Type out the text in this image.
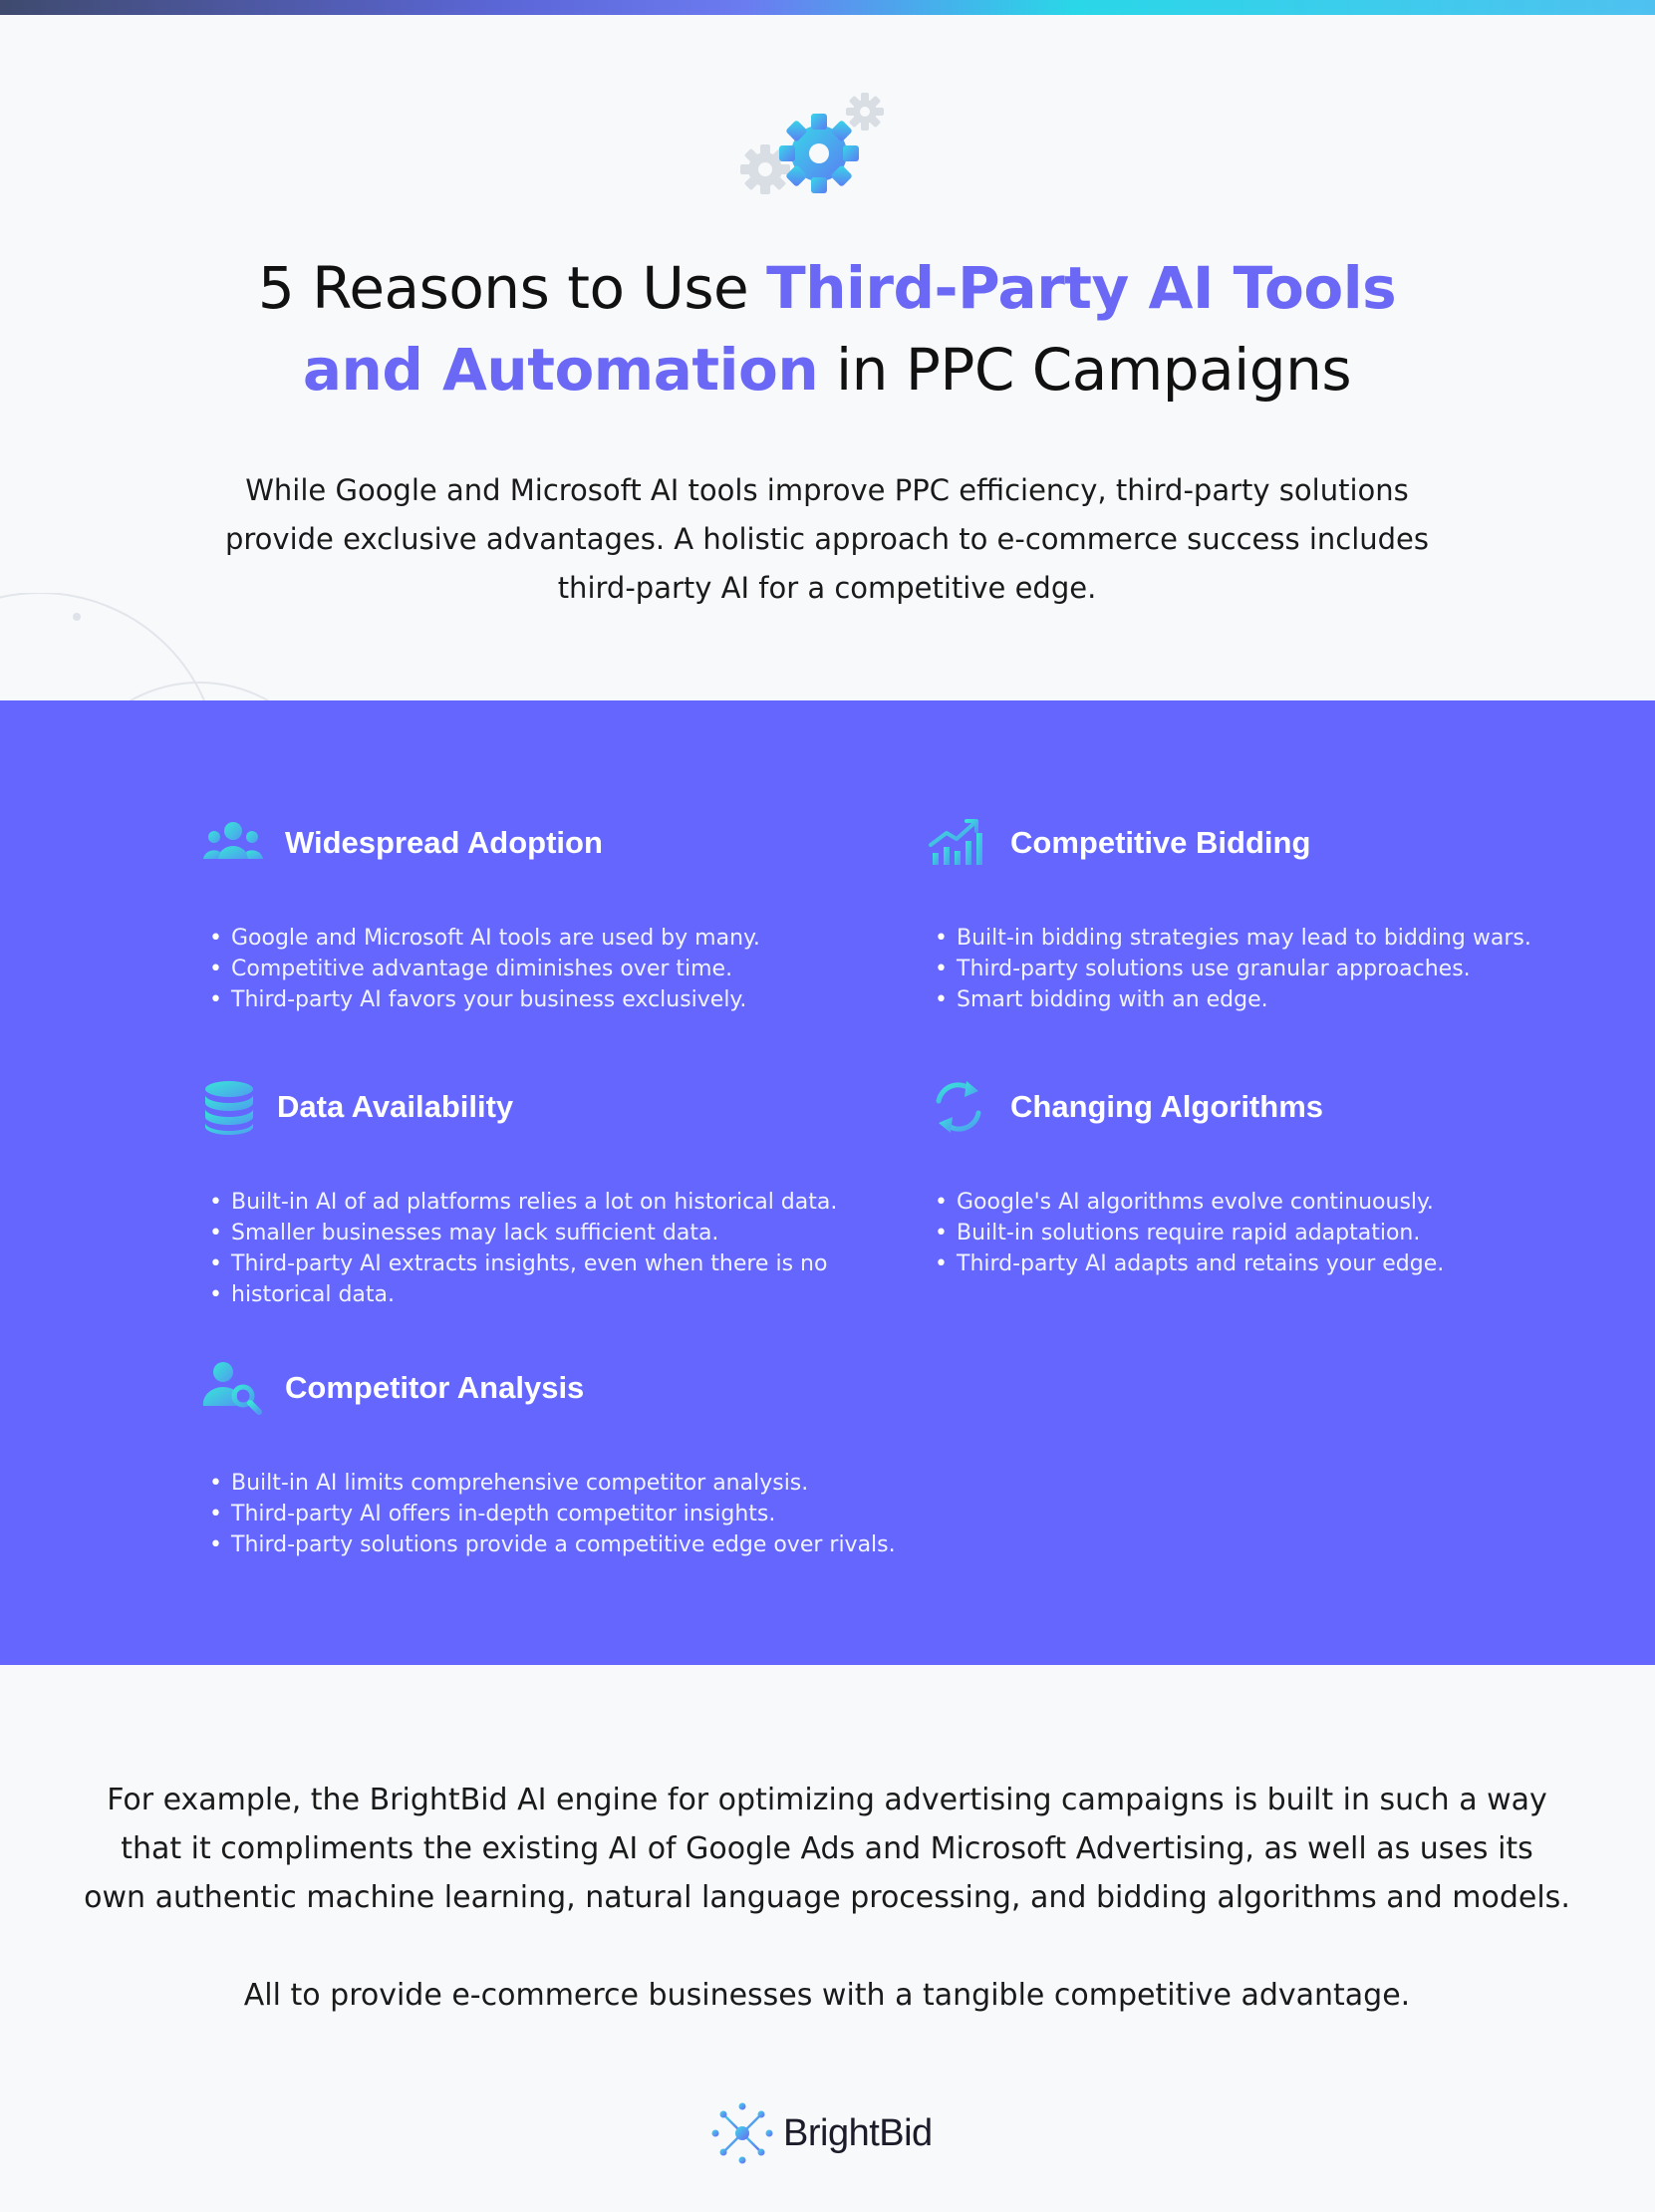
5 Reasons to Use Third-Party AI Tools
and Automation in PPC Campaigns
While Google and Microsoft AI tools improve PPC efficiency, third-party solutions
provide exclusive advantages. A holistic approach to e-commerce success includes
third-party AI for a competitive edge.
Widespread Adoption
• Google and Microsoft AI tools are used by many.
• Competitive advantage diminishes over time.
• Third-party AI favors your business exclusively.
Competitive Bidding
• Built-in bidding strategies may lead to bidding wars.
• Third-party solutions use granular approaches.
• Smart bidding with an edge.
Data Availability
• Built-in AI of ad platforms relies a lot on historical data.
• Smaller businesses may lack sufficient data.
• Third-party AI extracts insights, even when there is no
• historical data.
Changing Algorithms
• Google's AI algorithms evolve continuously.
• Built-in solutions require rapid adaptation.
• Third-party AI adapts and retains your edge.
Competitor Analysis
• Built-in AI limits comprehensive competitor analysis.
• Third-party AI offers in-depth competitor insights.
• Third-party solutions provide a competitive edge over rivals.
For example, the BrightBid AI engine for optimizing advertising campaigns is built in such a way
that it compliments the existing AI of Google Ads and Microsoft Advertising, as well as uses its
own authentic machine learning, natural language processing, and bidding algorithms and models.
All to provide e-commerce businesses with a tangible competitive advantage.
BrightBid
